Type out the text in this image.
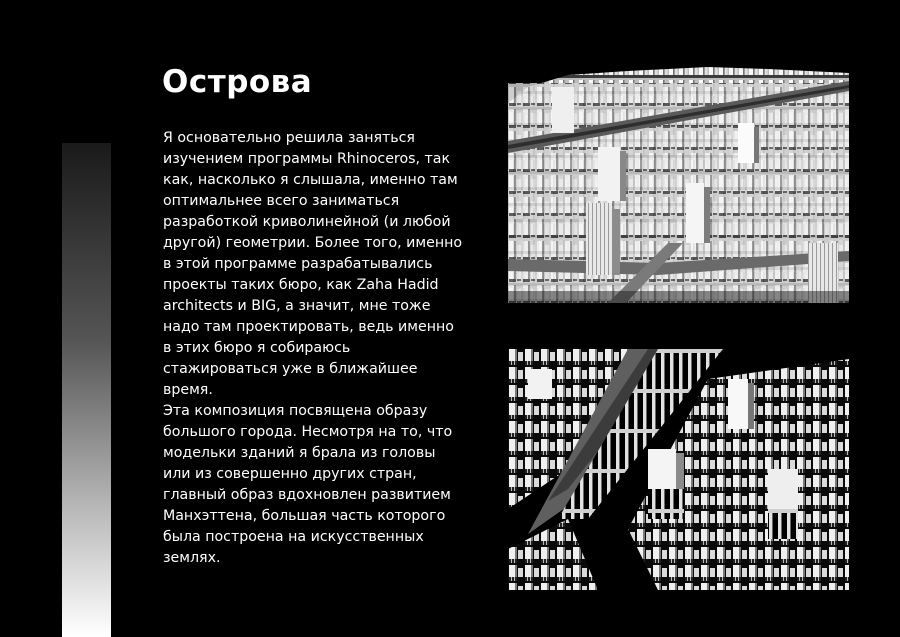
Острова

Я основательно решила заняться изучением программы Rhinoceros, так как, насколько я слышала, именно там оптимальнее всего заниматься разработкой криволинейной (и любой другой) геометрии. Более того, именно в этой программе разрабатывались проекты таких бюро, как Zaha Hadid architects и BIG, а значит, мне тоже надо там проектировать, ведь именно в этих бюро я собираюсь стажироваться уже в ближайшее время.

Эта композиция посвящена образу большого города. Несмотря на то, что модельки зданий я брала из головы или из совершенно других стран, главный образ вдохновлен развитием Манхэттена, большая часть которого была построена на искусственных землях.
